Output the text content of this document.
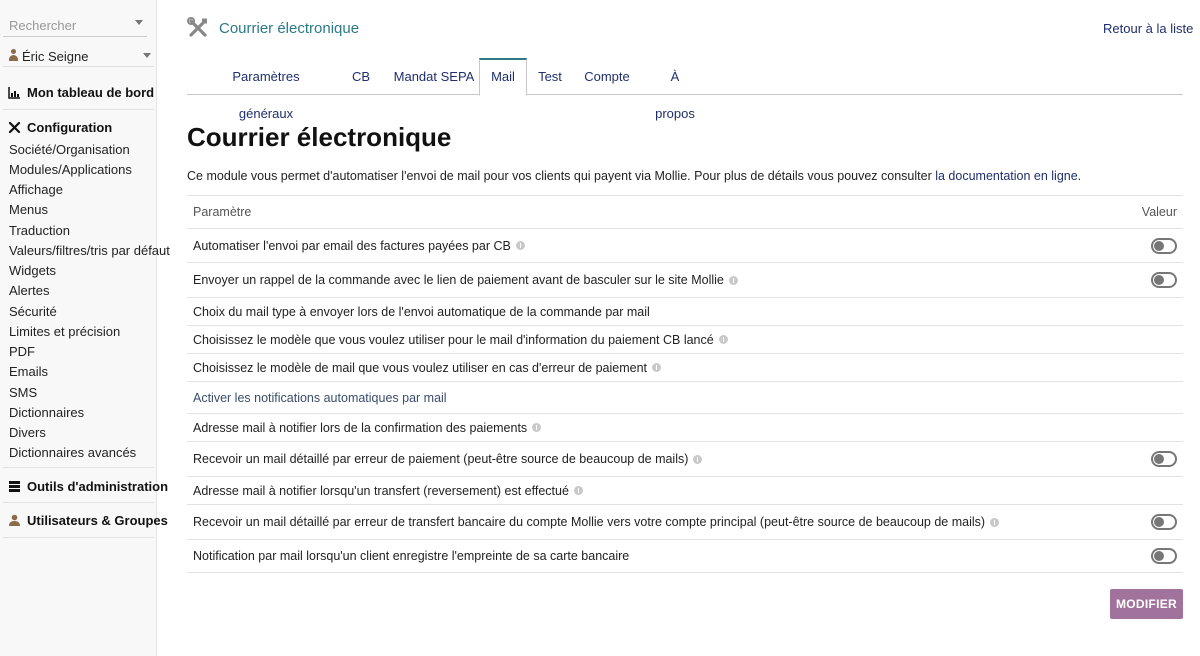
Rechercher
Éric Seigne
Mon tableau de bord
Configuration
Société/Organisation
Modules/Applications
Affichage
Menus
Traduction
Valeurs/filtres/tris par défaut
Widgets
Alertes
Sécurité
Limites et précision
PDF
Emails
SMS
Dictionnaires
Divers
Dictionnaires avancés
Outils d'administration
Utilisateurs & Groupes
Courrier électronique	Retour à la liste
Paramètres généraux
CB	Mandat SEPA	Mail	Test Compte	À propos
Courrier électronique

Ce module vous permet d'automatiser l'envoi de mail pour vos clients qui payent via Mollie. Pour plus de détails vous pouvez consulter la documentation en ligne.

Paramètre	Valeur
Automatiser l'envoi par email des factures payées par CB
Envoyer un rappel de la commande avec le lien de paiement avant de basculer sur le site Mollie
Choix du mail type à envoyer lors de l'envoi automatique de la commande par mail
Choisissez le modèle que vous voulez utiliser pour le mail d'information du paiement CB lancé
Choisissez le modèle de mail que vous voulez utiliser en cas d'erreur de paiement
Activer les notifications automatiques par mail
Adresse mail à notifier lors de la confirmation des paiements
Recevoir un mail détaillé par erreur de paiement (peut-être source de beaucoup de mails)
Adresse mail à notifier lorsqu'un transfert (reversement) est effectué
Recevoir un mail détaillé par erreur de transfert bancaire du compte Mollie vers votre compte principal (peut-être source de beaucoup de mails)
Notification par mail lorsqu'un client enregistre l'empreinte de sa carte bancaire
MODIFIER
